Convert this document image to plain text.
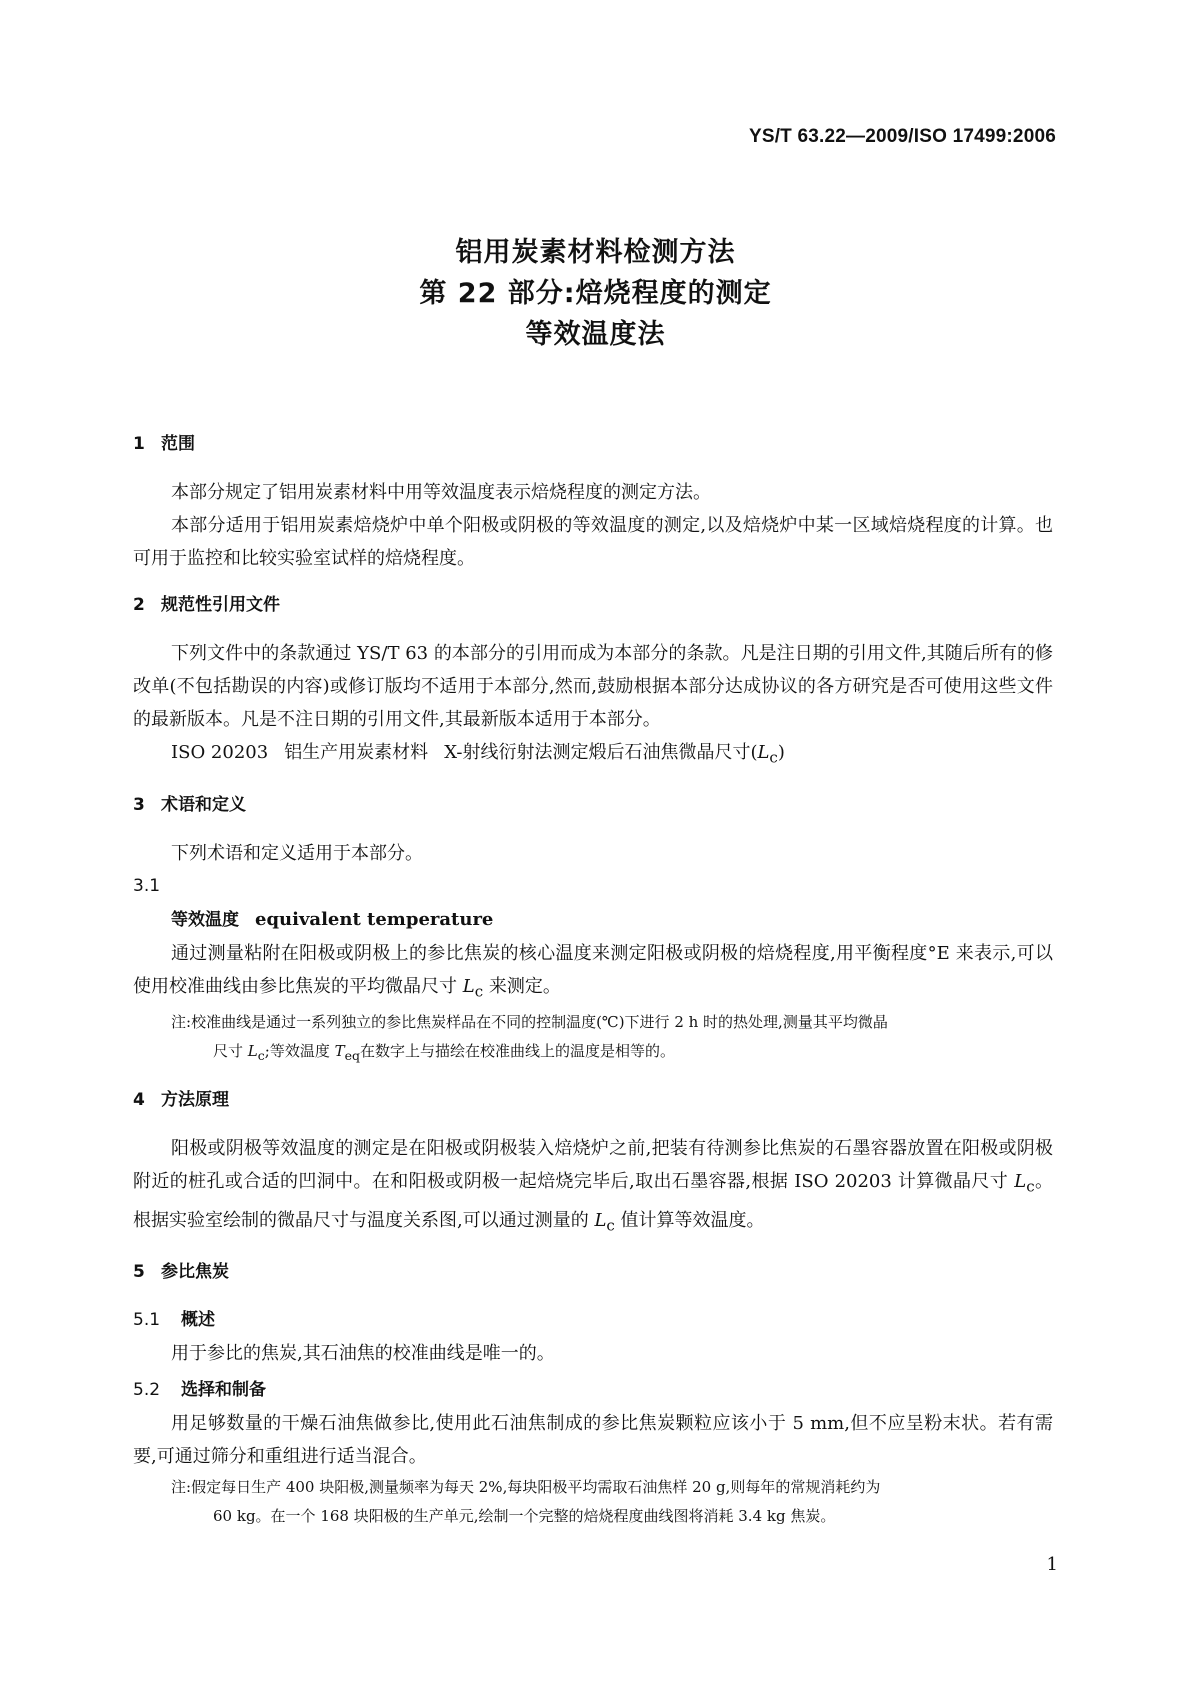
YS/T 63.22—2009/ISO 17499:2006
铝用炭素材料检测方法
第 22 部分:焙烧程度的测定
等效温度法
1 范围

本部分规定了铝用炭素材料中用等效温度表示焙烧程度的测定方法。

本部分适用于铝用炭素焙烧炉中单个阳极或阴极的等效温度的测定,以及焙烧炉中某一区域焙烧程度的计算。也可用于监控和比较实验室试样的焙烧程度。

2 规范性引用文件

下列文件中的条款通过 YS/T 63 的本部分的引用而成为本部分的条款。凡是注日期的引用文件,其随后所有的修改单(不包括勘误的内容)或修订版均不适用于本部分,然而,鼓励根据本部分达成协议的各方研究是否可使用这些文件的最新版本。凡是不注日期的引用文件,其最新版本适用于本部分。

ISO 20203 铝生产用炭素材料 X-射线衍射法测定煅后石油焦微晶尺寸$(L_c)$

3 术语和定义

下列术语和定义适用于本部分。

3.1

等效温度 equivalent temperature

通过测量粘附在阳极或阴极上的参比焦炭的核心温度来测定阳极或阴极的焙烧程度,用平衡程度°E 来表示,可以使用校准曲线由参比焦炭的平均微晶尺寸 $L_c$ 来测定。

注:校准曲线是通过一系列独立的参比焦炭样品在不同的控制温度(℃)下进行 2 h 时的热处理,测量其平均微晶

尺寸 $L_c$;等效温度 $T_{eq}$在数字上与描绘在校准曲线上的温度是相等的。

4 方法原理

阳极或阴极等效温度的测定是在阳极或阴极装入焙烧炉之前,把装有待测参比焦炭的石墨容器放置在阳极或阴极附近的桩孔或合适的凹洞中。在和阳极或阴极一起焙烧完毕后,取出石墨容器,根据 ISO 20203 计算微晶尺寸 $L_c$。根据实验室绘制的微晶尺寸与温度关系图,可以通过测量的 $L_c$ 值计算等效温度。

5 参比焦炭
5.1 概述

用于参比的焦炭,其石油焦的校准曲线是唯一的。

5.2 选择和制备

用足够数量的干燥石油焦做参比,使用此石油焦制成的参比焦炭颗粒应该小于 5 mm,但不应呈粉末状。若有需要,可通过筛分和重组进行适当混合。

注:假定每日生产 400 块阳极,测量频率为每天 2%,每块阳极平均需取石油焦样 20 g,则每年的常规消耗约为

60 kg。在一个 168 块阳极的生产单元,绘制一个完整的焙烧程度曲线图将消耗 3.4 kg 焦炭。

1
